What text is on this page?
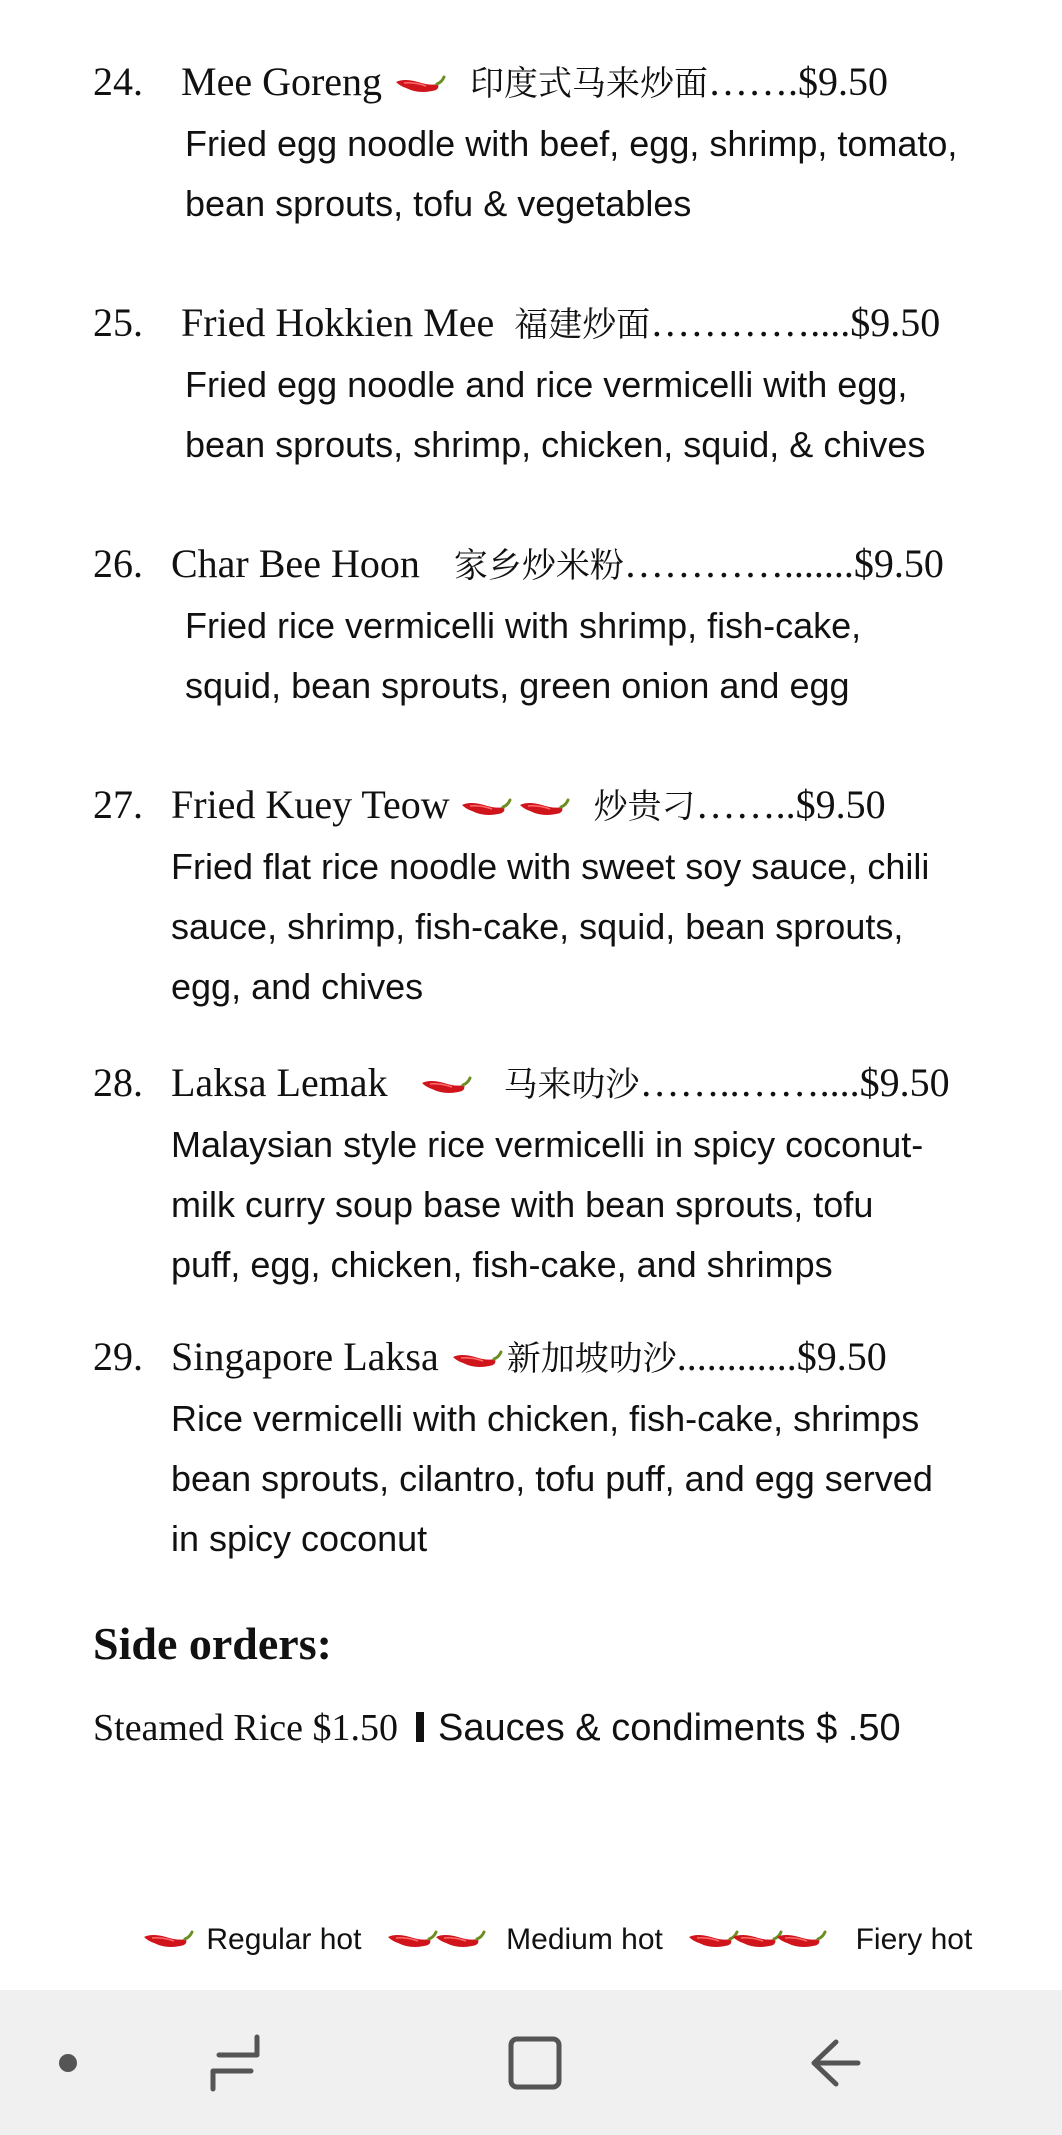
24. Mee Goreng	印度式马来炒面…….$9.50
Fried egg noodle with beef, egg, shrimp, tomato,
bean sprouts, tofu & vegetables
25. Fried Hokkien Mee 福建炒面…………....$9.50
Fried egg noodle and rice vermicelli with egg,
bean sprouts, shrimp, chicken, squid, & chives
26. Char Bee Hoon 家乡炒米粉………….......$9.50
Fried rice vermicelli with shrimp, fish-cake,
squid, bean sprouts, green onion and egg
27. Fried Kuey Teow	炒贵刁……..$9.50
Fried flat rice noodle with sweet soy sauce, chili
sauce, shrimp, fish-cake, squid, bean sprouts,
egg, and chives
28. Laksa Lemak	马来叻沙……..……....$9.50
Malaysian style rice vermicelli in spicy coconut-
milk curry soup base with bean sprouts, tofu
puff, egg, chicken, fish-cake, and shrimps
29. Singapore Laksa 新加坡叻沙............$9.50
Rice vermicelli with chicken, fish-cake, shrimps
bean sprouts, cilantro, tofu puff, and egg served
in spicy coconut
Side orders:
Steamed Rice $1.50 Sauces & condiments $ .50
Regular hot	Medium hot	Fiery hot
